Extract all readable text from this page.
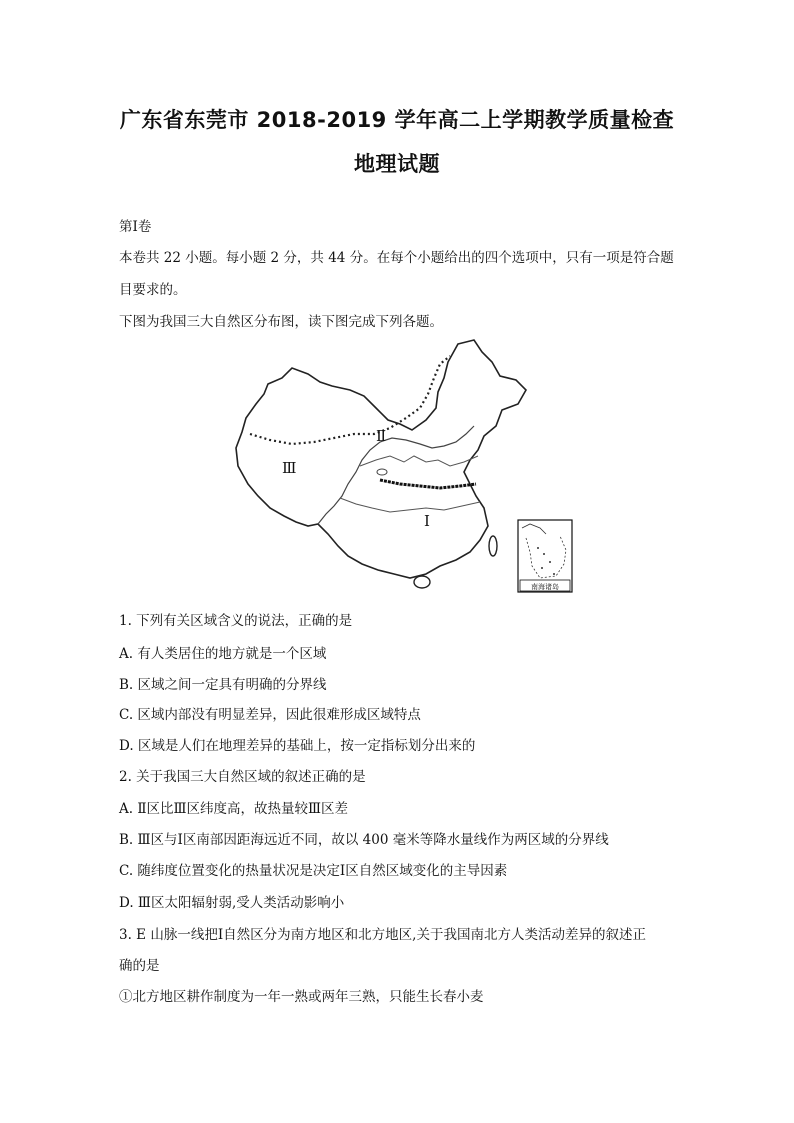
广东省东莞市 2018-2019 学年高二上学期教学质量检查
地理试题
第Ⅰ卷
本卷共 22 小题。每小题 2 分，共 44 分。在每个小题给出的四个选项中，只有一项是符合题
目要求的。
下图为我国三大自然区分布图，读下图完成下列各题。
Ⅱ
Ⅲ
Ⅰ
南海诸岛
1. 下列有关区域含义的说法，正确的是
A. 有人类居住的地方就是一个区域
B. 区域之间一定具有明确的分界线
C. 区域内部没有明显差异，因此很难形成区域特点
D. 区域是人们在地理差异的基础上，按一定指标划分出来的
2. 关于我国三大自然区域的叙述正确的是
A. Ⅱ区比Ⅲ区纬度高，故热量较Ⅲ区差
B. Ⅲ区与Ⅰ区南部因距海远近不同，故以 400 毫米等降水量线作为两区域的分界线
C. 随纬度位置变化的热量状况是决定Ⅰ区自然区域变化的主导因素
D. Ⅲ区太阳辐射弱,受人类活动影响小
3. E 山脉一线把Ⅰ自然区分为南方地区和北方地区,关于我国南北方人类活动差异的叙述正
确的是
①北方地区耕作制度为一年一熟或两年三熟，只能生长春小麦
